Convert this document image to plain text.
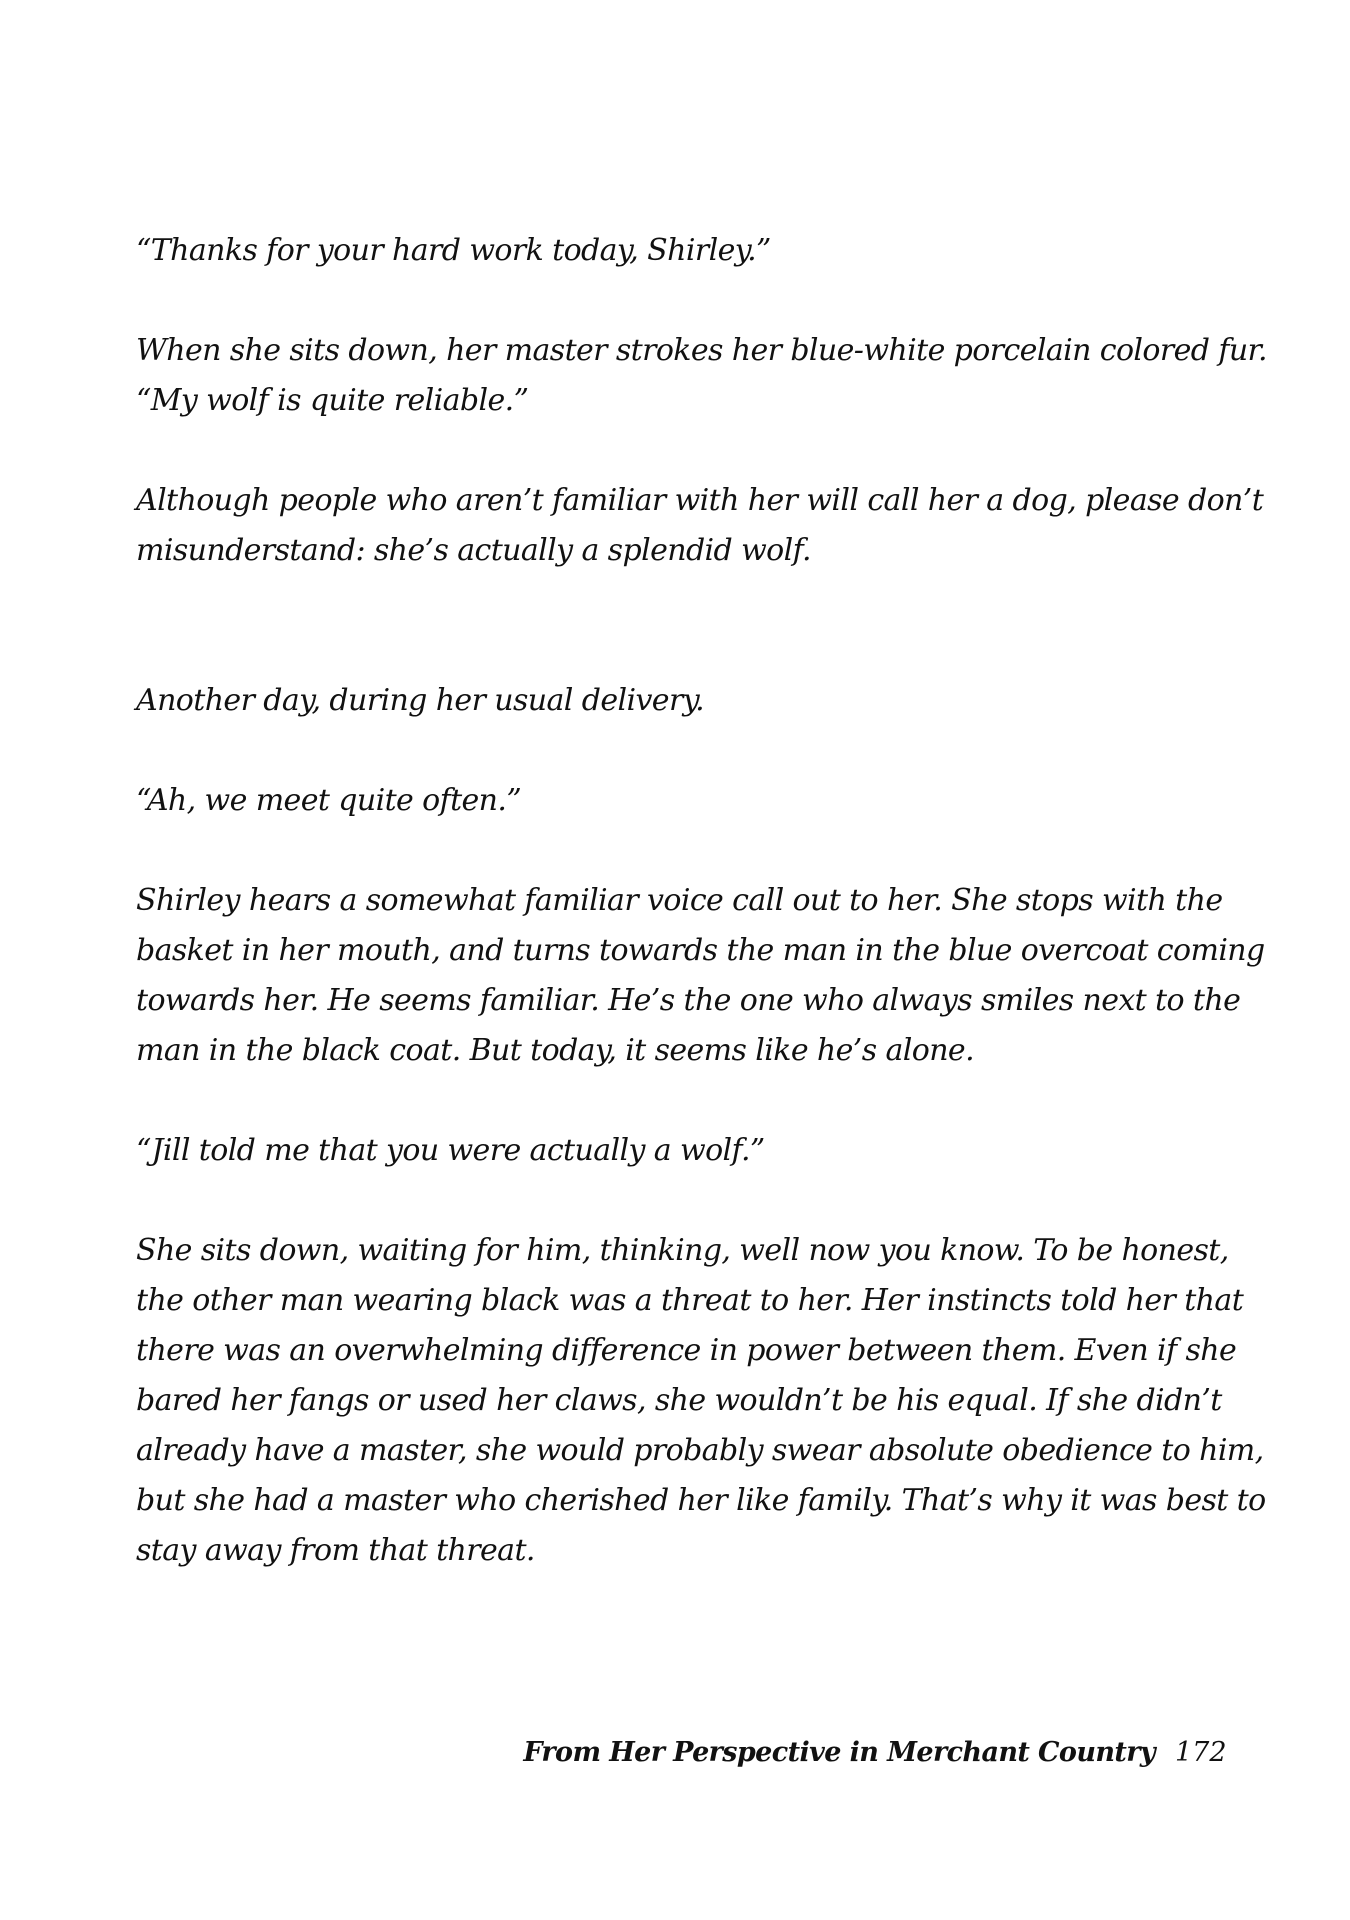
“Thanks for your hard work today, Shirley.”
When she sits down, her master strokes her blue-white porcelain colored fur.
“My wolf is quite reliable.”
Although people who aren’t familiar with her will call her a dog, please don’t
misunderstand: she’s actually a splendid wolf.
Another day, during her usual delivery.
“Ah, we meet quite often.”
Shirley hears a somewhat familiar voice call out to her. She stops with the
basket in her mouth, and turns towards the man in the blue overcoat coming
towards her. He seems familiar. He’s the one who always smiles next to the
man in the black coat. But today, it seems like he’s alone.
“Jill told me that you were actually a wolf.”
She sits down, waiting for him, thinking, well now you know. To be honest,
the other man wearing black was a threat to her. Her instincts told her that
there was an overwhelming difference in power between them. Even if she
bared her fangs or used her claws, she wouldn’t be his equal. If she didn’t
already have a master, she would probably swear absolute obedience to him,
but she had a master who cherished her like family. That’s why it was best to
stay away from that threat.
From Her Perspective in Merchant Country 172
